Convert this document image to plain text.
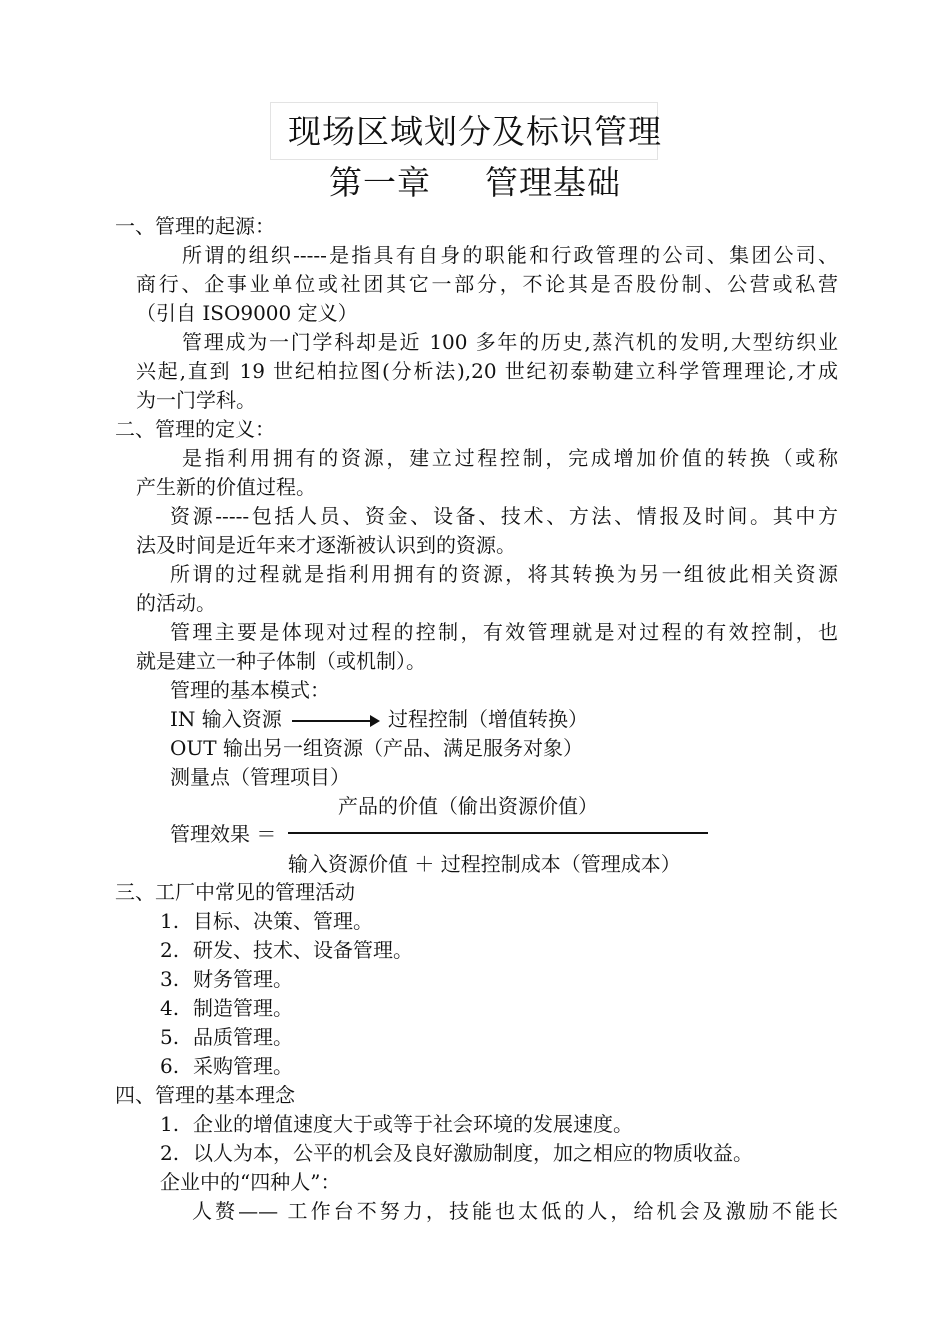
现场区域划分及标识管理
第一章 管理基础
一、管理的起源：
所谓的组织-----是指具有自身的职能和行政管理的公司、集团公司、
商行、企事业单位或社团其它一部分，不论其是否股份制、公营或私营
（引自 ISO9000 定义）
管理成为一门学科却是近 100 多年的历史,蒸汽机的发明,大型纺织业
兴起,直到 19 世纪柏拉图(分析法),20 世纪初泰勒建立科学管理理论,才成
为一门学科。
二、管理的定义：
是指利用拥有的资源，建立过程控制，完成增加价值的转换（或称
产生新的价值过程。
资源-----包括人员、资金、设备、技术、方法、情报及时间。其中方
法及时间是近年来才逐渐被认识到的资源。
所谓的过程就是指利用拥有的资源，将其转换为另一组彼此相关资源
的活动。
管理主要是体现对过程的控制，有效管理就是对过程的有效控制，也
就是建立一种子体制（或机制）。
管理的基本模式：
IN 输入资源	过程控制（增值转换）
OUT 输出另一组资源（产品、满足服务对象）
测量点（管理项目）
产品的价值（偷出资源价值）
管理效果 ＝
输入资源价值 ＋ 过程控制成本（管理成本）
三、工厂中常见的管理活动
1. 目标、决策、管理。
2. 研发、技术、设备管理。
3. 财务管理。
4. 制造管理。
5. 品质管理。
6. 采购管理。
四、管理的基本理念
1. 企业的增值速度大于或等于社会环境的发展速度。
2. 以人为本，公平的机会及良好激励制度，加之相应的物质收益。
企业中的“四种人”：
人赘—— 工作台不努力，技能也太低的人，给机会及激励不能长
